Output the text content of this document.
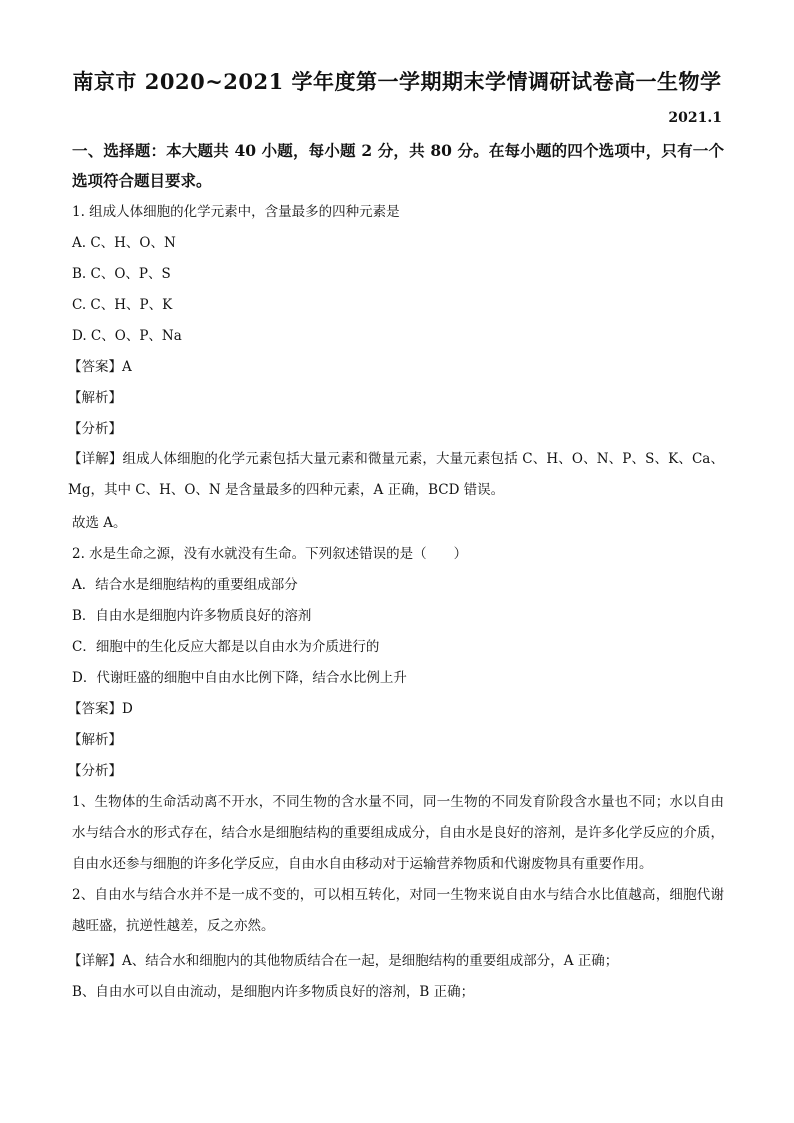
南京市 2020~2021 学年度第一学期期末学情调研试卷高一生物学
2021.1
一、选择题：本大题共 40 小题，每小题 2 分，共 80 分。在每小题的四个选项中，只有一个选项符合题目要求。
1. 组成人体细胞的化学元素中，含量最多的四种元素是
A. C、H、O、N
B. C、O、P、S
C. C、H、P、K
D. C、O、P、Na
【答案】A
【解析】
【分析】
【详解】组成人体细胞的化学元素包括大量元素和微量元素，大量元素包括 C、H、O、N、P、S、K、Ca、Mg，其中 C、H、O、N 是含量最多的四种元素，A 正确，BCD 错误。
故选 A。
2. 水是生命之源，没有水就没有生命。下列叙述错误的是（　　）
A．结合水是细胞结构的重要组成部分
B．自由水是细胞内许多物质良好的溶剂
C．细胞中的生化反应大都是以自由水为介质进行的
D．代谢旺盛的细胞中自由水比例下降，结合水比例上升
【答案】D
【解析】
【分析】
1、生物体的生命活动离不开水，不同生物的含水量不同，同一生物的不同发育阶段含水量也不同；水以自由水与结合水的形式存在，结合水是细胞结构的重要组成成分，自由水是良好的溶剂，是许多化学反应的介质，自由水还参与细胞的许多化学反应，自由水自由移动对于运输营养物质和代谢废物具有重要作用。
2、自由水与结合水并不是一成不变的，可以相互转化，对同一生物来说自由水与结合水比值越高，细胞代谢越旺盛，抗逆性越差，反之亦然。
【详解】A、结合水和细胞内的其他物质结合在一起，是细胞结构的重要组成部分，A 正确；
B、自由水可以自由流动，是细胞内许多物质良好的溶剂，B 正确；
